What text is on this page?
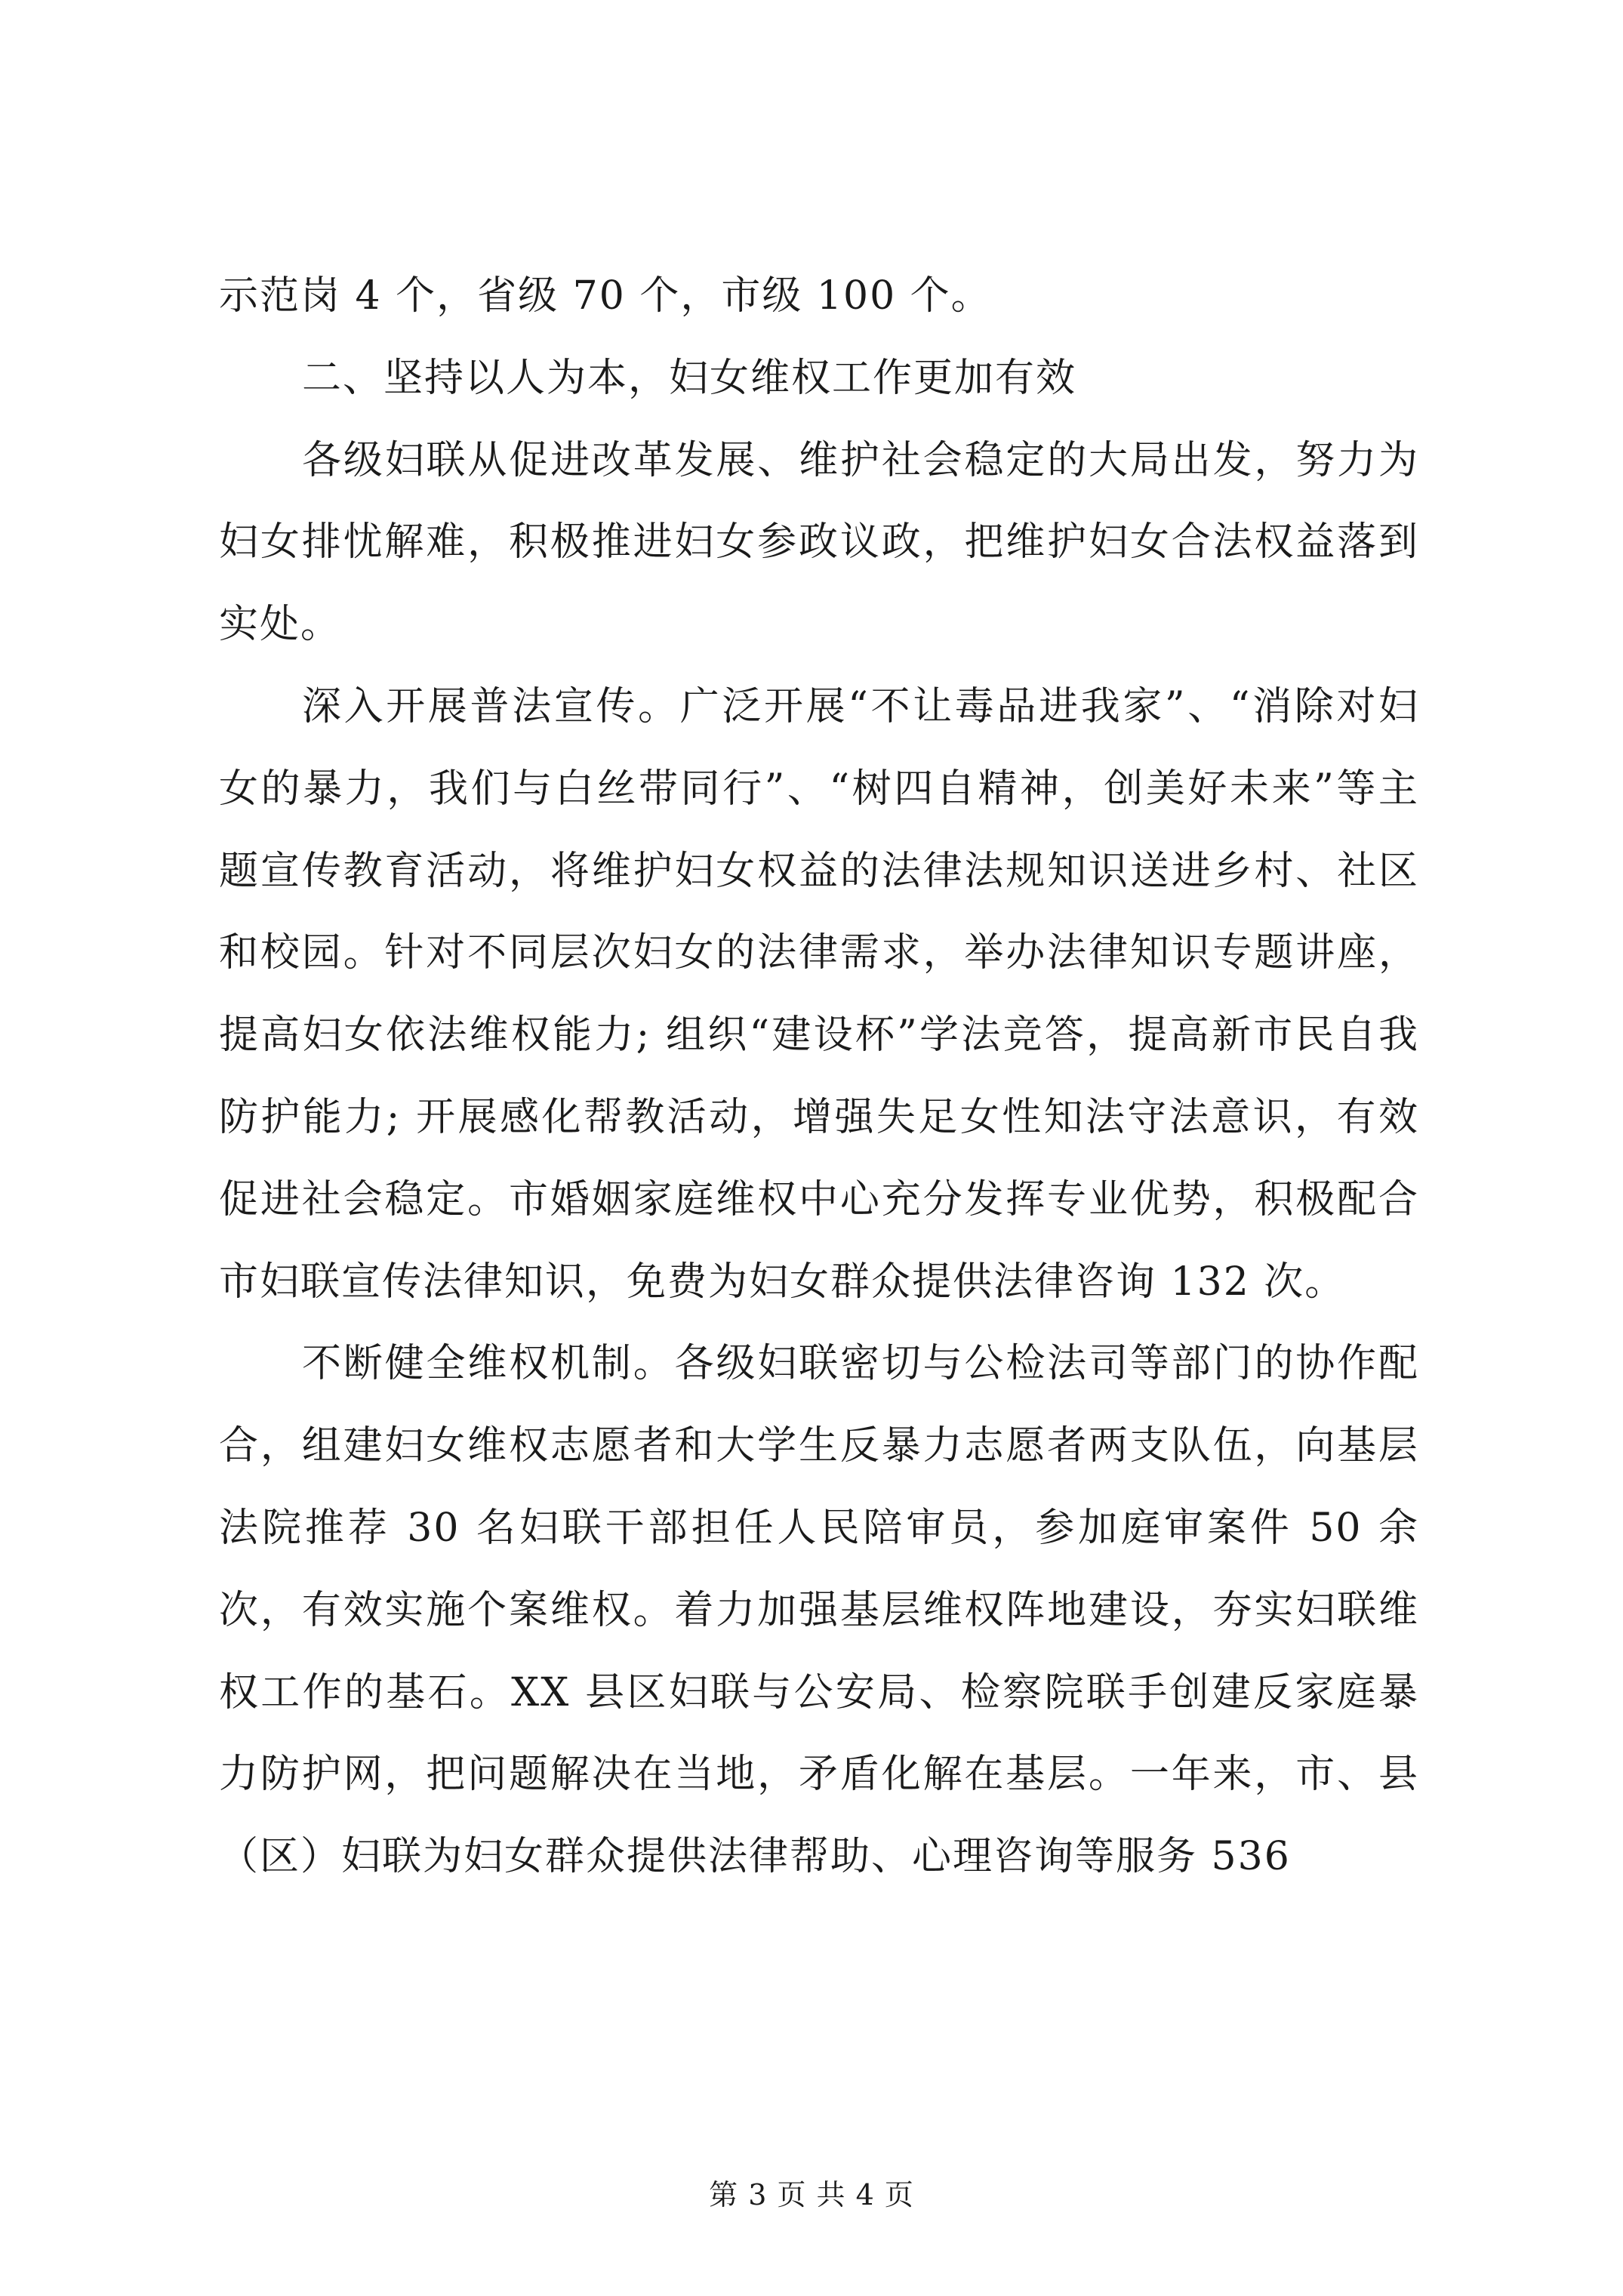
示范岗 4 个，省级 70 个，市级 100 个。

二、坚持以人为本，妇女维权工作更加有效

各级妇联从促进改革发展、维护社会稳定的大局出发，努力为妇女排忧解难，积极推进妇女参政议政，把维护妇女合法权益落到实处。

深入开展普法宣传。广泛开展“不让毒品进我家”、“消除对妇女的暴力，我们与白丝带同行”、“树四自精神，创美好未来”等主题宣传教育活动，将维护妇女权益的法律法规知识送进乡村、社区和校园。针对不同层次妇女的法律需求，举办法律知识专题讲座，提高妇女依法维权能力; 组织“建设杯”学法竞答，提高新市民自我防护能力; 开展感化帮教活动，增强失足女性知法守法意识，有效促进社会稳定。市婚姻家庭维权中心充分发挥专业优势，积极配合市妇联宣传法律知识，免费为妇女群众提供法律咨询 132 次。

不断健全维权机制。各级妇联密切与公检法司等部门的协作配合，组建妇女维权志愿者和大学生反暴力志愿者两支队伍，向基层法院推荐 30 名妇联干部担任人民陪审员，参加庭审案件 50 余次，有效实施个案维权。着力加强基层维权阵地建设，夯实妇联维权工作的基石。XX 县区妇联与公安局、检察院联手创建反家庭暴力防护网，把问题解决在当地，矛盾化解在基层。一年来，市、县（区）妇联为妇女群众提供法律帮助、心理咨询等服务 536

第 3 页 共 4 页
